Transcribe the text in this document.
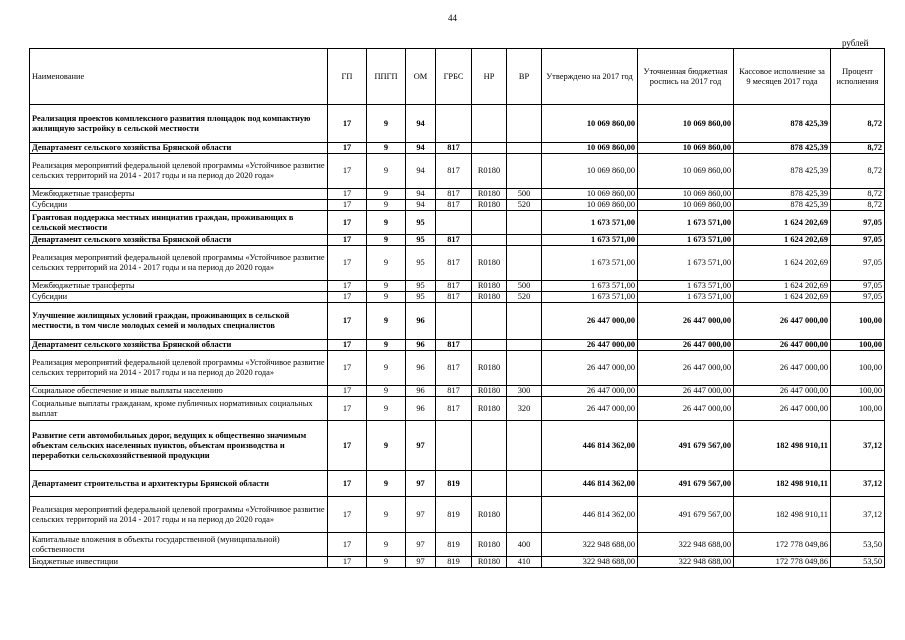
44
рублей
Наименование	ГП	ППГП	ОМ	ГРБС	НР	ВР	Утверждено на 2017 год	Уточненная бюджетная роспись на 2017 год	Кассовое исполнение за 9 месяцев 2017 года	Процент исполнения
Реализация проектов комплексного развития площадок под компактную жилищную застройку в сельской местности	17	9	94				10 069 860,00	10 069 860,00	878 425,39	8,72
Департамент сельского хозяйства Брянской области	17	9	94	817			10 069 860,00	10 069 860,00	878 425,39	8,72
Реализация мероприятий федеральной целевой программы «Устойчивое развитие сельских территорий на 2014 - 2017 годы и на период до 2020 года»	17	9	94	817	R0180		10 069 860,00	10 069 860,00	878 425,39	8,72
Межбюджетные трансферты	17	9	94	817	R0180	500	10 069 860,00	10 069 860,00	878 425,39	8,72
Субсидии	17	9	94	817	R0180	520	10 069 860,00	10 069 860,00	878 425,39	8,72
Грантовая поддержка местных инициатив граждан, проживающих в сельской местности	17	9	95				1 673 571,00	1 673 571,00	1 624 202,69	97,05
Департамент сельского хозяйства Брянской области	17	9	95	817			1 673 571,00	1 673 571,00	1 624 202,69	97,05
Реализация мероприятий федеральной целевой программы «Устойчивое развитие сельских территорий на 2014 - 2017 годы и на период до 2020 года»	17	9	95	817	R0180		1 673 571,00	1 673 571,00	1 624 202,69	97,05
Межбюджетные трансферты	17	9	95	817	R0180	500	1 673 571,00	1 673 571,00	1 624 202,69	97,05
Субсидии	17	9	95	817	R0180	520	1 673 571,00	1 673 571,00	1 624 202,69	97,05
Улучшение жилищных условий граждан, проживающих в сельской местности, в том числе молодых семей и молодых специалистов	17	9	96				26 447 000,00	26 447 000,00	26 447 000,00	100,00
Департамент сельского хозяйства Брянской области	17	9	96	817			26 447 000,00	26 447 000,00	26 447 000,00	100,00
Реализация мероприятий федеральной целевой программы «Устойчивое развитие сельских территорий на 2014 - 2017 годы и на период до 2020 года»	17	9	96	817	R0180		26 447 000,00	26 447 000,00	26 447 000,00	100,00
Социальное обеспечение и иные выплаты населению	17	9	96	817	R0180	300	26 447 000,00	26 447 000,00	26 447 000,00	100,00
Социальные выплаты гражданам, кроме публичных нормативных социальных выплат	17	9	96	817	R0180	320	26 447 000,00	26 447 000,00	26 447 000,00	100,00
Развитие сети автомобильных дорог, ведущих к общественно значимым объектам сельских населенных пунктов, объектам производства и переработки сельскохозяйственной продукции	17	9	97				446 814 362,00	491 679 567,00	182 498 910,11	37,12
Департамент строительства и архитектуры Брянской области	17	9	97	819			446 814 362,00	491 679 567,00	182 498 910,11	37,12
Реализация мероприятий федеральной целевой программы «Устойчивое развитие сельских территорий на 2014 - 2017 годы и на период до 2020 года»	17	9	97	819	R0180		446 814 362,00	491 679 567,00	182 498 910,11	37,12
Капитальные вложения в объекты государственной (муниципальной) собственности	17	9	97	819	R0180	400	322 948 688,00	322 948 688,00	172 778 049,86	53,50
Бюджетные инвестиции	17	9	97	819	R0180	410	322 948 688,00	322 948 688,00	172 778 049,86	53,50
